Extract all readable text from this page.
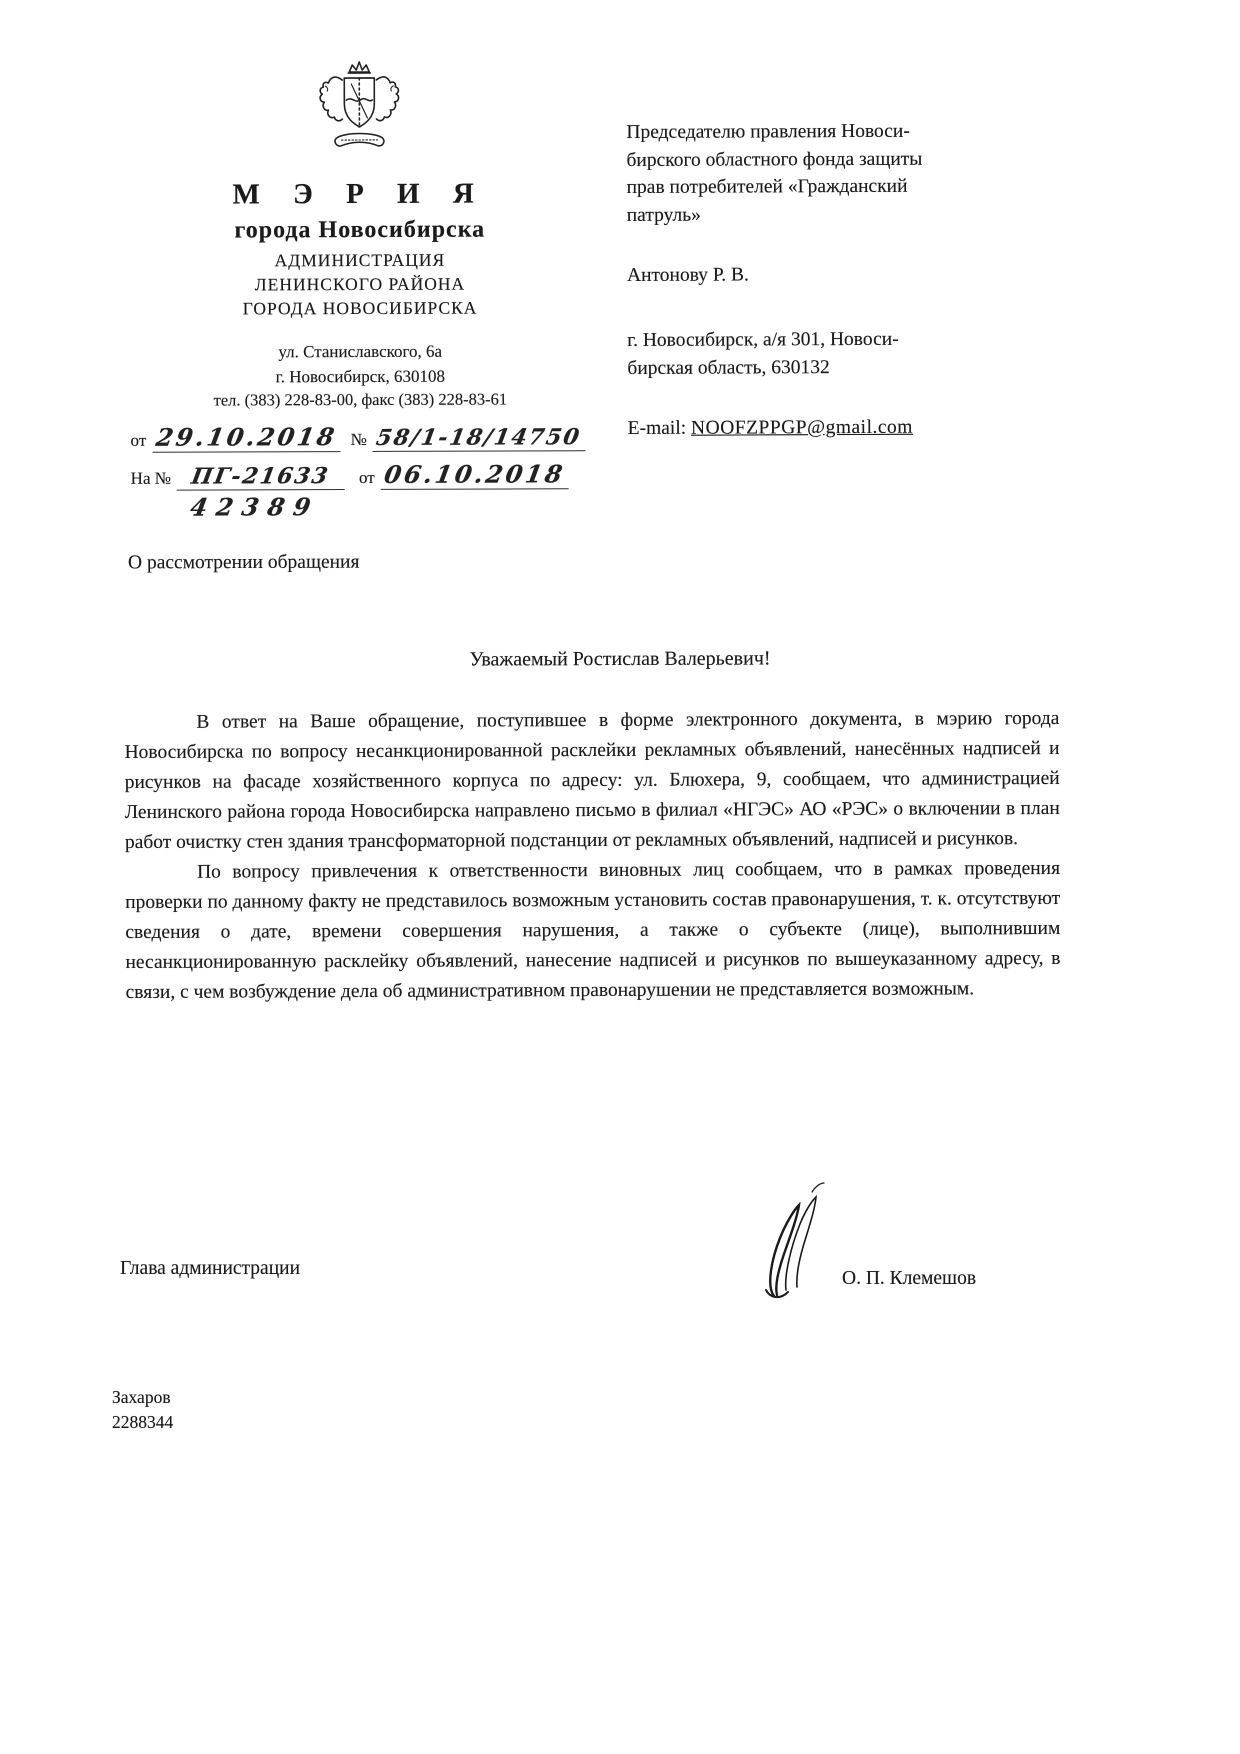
М Э Р И Я
города Новосибирска
АДМИНИСТРАЦИЯ
ЛЕНИНСКОГО РАЙОНА
ГОРОДА НОВОСИБИРСКА
ул. Станиславского, 6а
г. Новосибирск, 630108
тел. (383) 228-83-00, факс (383) 228-83-61
от 29.10.2018 № 58/1-18/14750
На № ПГ-21633	от 06.10.2018
42389
Председателю правления Новоси-
бирского областного фонда защиты
прав потребителей «Гражданский
патруль»
Антонову Р. В.
г. Новосибирск, а/я 301, Новоси-
бирская область, 630132
E-mail: NOOFZPPGP@gmail.com
О рассмотрении обращения
Уважаемый Ростислав Валерьевич!

В ответ на Ваше обращение, поступившее в форме электронного документа, в мэрию города Новосибирска по вопросу несанкционированной расклейки рекламных объявлений, нанесённых надписей и рисунков на фасаде хозяйственного корпуса по адресу: ул. Блюхера, 9, сообщаем, что администрацией Ленинского района города Новосибирска направлено письмо в филиал «НГЭС» АО «РЭС» о включении в план работ очистку стен здания трансформаторной подстанции от рекламных объявлений, надписей и рисунков.

По вопросу привлечения к ответственности виновных лиц сообщаем, что в рамках проведения проверки по данному факту не представилось возможным установить состав правонарушения, т. к. отсутствуют сведения о дате, времени совершения нарушения, а также о субъекте (лице), выполнившим несанкционированную расклейку объявлений, нанесение надписей и рисунков по вышеуказанному адресу, в связи, с чем возбуждение дела об административном правонарушении не представляется возможным.

Глава администрации	О. П. Клемешов
Захаров
2288344
